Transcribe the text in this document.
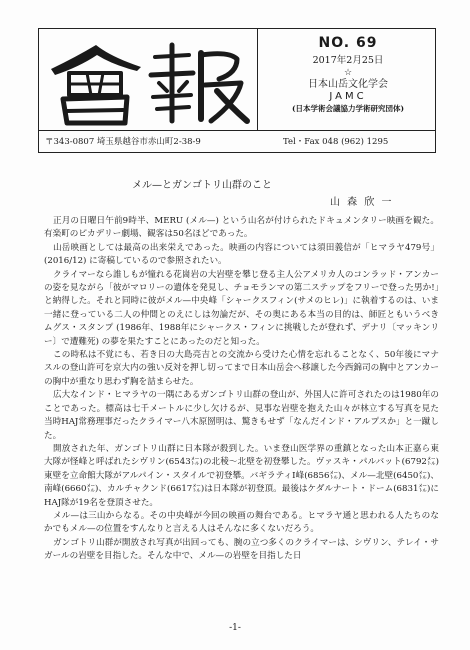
NO. 69
2017年2月25日
☆
日本山岳文化学会
JAMC
(日本学術会議協力学術研究団体)
〒343-0807 埼玉県越谷市赤山町2-38-9	Tel・Fax 048 (962) 1295
メル—とガンゴトリ山群のこと
山 森 欣 一

正月の日曜日午前9時半、MERU (メル—) という山名が付けられたドキュメンタリー映画を観た。有楽町のピカデリー劇場、観客は50名ほどであった。

山岳映画としては最高の出来栄えであった。映画の内容については須田義信が「ヒマラヤ479号」(2016/12) に寄稿しているので参照されたい。

クライマーなら誰しもが憧れる花崗岩の大岩壁を攀じ登る主人公アメリカ人のコンラッド・アンカーの姿を見ながら「彼がマロリーの遺体を発見し、チョモランマの第二ステップをフリーで登った男か!」と納得した。それと同時に彼がメル—中央峰「シャークスフィン(サメのヒレ)」に執着するのは、いま一緒に登っている二人の仲間とのえにしは勿論だが、その奥にある本当の目的は、師匠ともいうべきムグス・スタンプ (1986年、1988年にシャークス・フィンに挑戦したが登れず、デナリ〔マッキンリー〕で遭難死) の夢を果たすことにあったのだと知った。

この時私は不覚にも、若き日の大島亮吉との交流から受けた心情を忘れることなく、50年後にマナスルの登山許可を京大内の強い反対を押し切ってまで日本山岳会へ移譲した今西錦司の胸中とアンカーの胸中が重なり思わず胸を詰まらせた。

広大なインド・ヒマラヤの一隅にあるガンゴトリ山群の登山が、外国人に許可されたのは1980年のことであった。標高は七千メートルに少し欠けるが、見事な岩壁を抱えた山々が林立する写真を見た当時HAJ常務理事だったクライマー八木原圀明は、驚きもせず「なんだインド・アルプスか」と一蹴した。

開放された年、ガンゴトリ山群に日本隊が殺到した。いま登山医学界の重鎮となった山本正嘉ら東大隊が怪峰と呼ばれたシヴリン(6543㍍)の北稜～北壁を初登攀した。ヴァスキ・パルバット(6792㍍)東壁を立命館大隊がアルパイン・スタイルで初登攀。バギラティⅠ峰(6856㍍)、メル—北壁(6450㍍)、南峰(6660㍍)、カルチャクンド(6617㍍)は日本隊が初登頂。最後はケダルナート・ドーム(6831㍍)にHAJ隊が19名を登頂させた。

メル—は三山からなる。その中央峰が今回の映画の舞台である。ヒマラヤ通と思われる人たちのなかでもメル—の位置をすんなりと言える人はそんなに多くないだろう。

ガンゴトリ山群が開放され写真が出回っても、腕の立つ多くのクライマーは、シヴリン、テレイ・サガールの岩壁を目指した。そんな中で、メル—の岩壁を目指した日

-1-
